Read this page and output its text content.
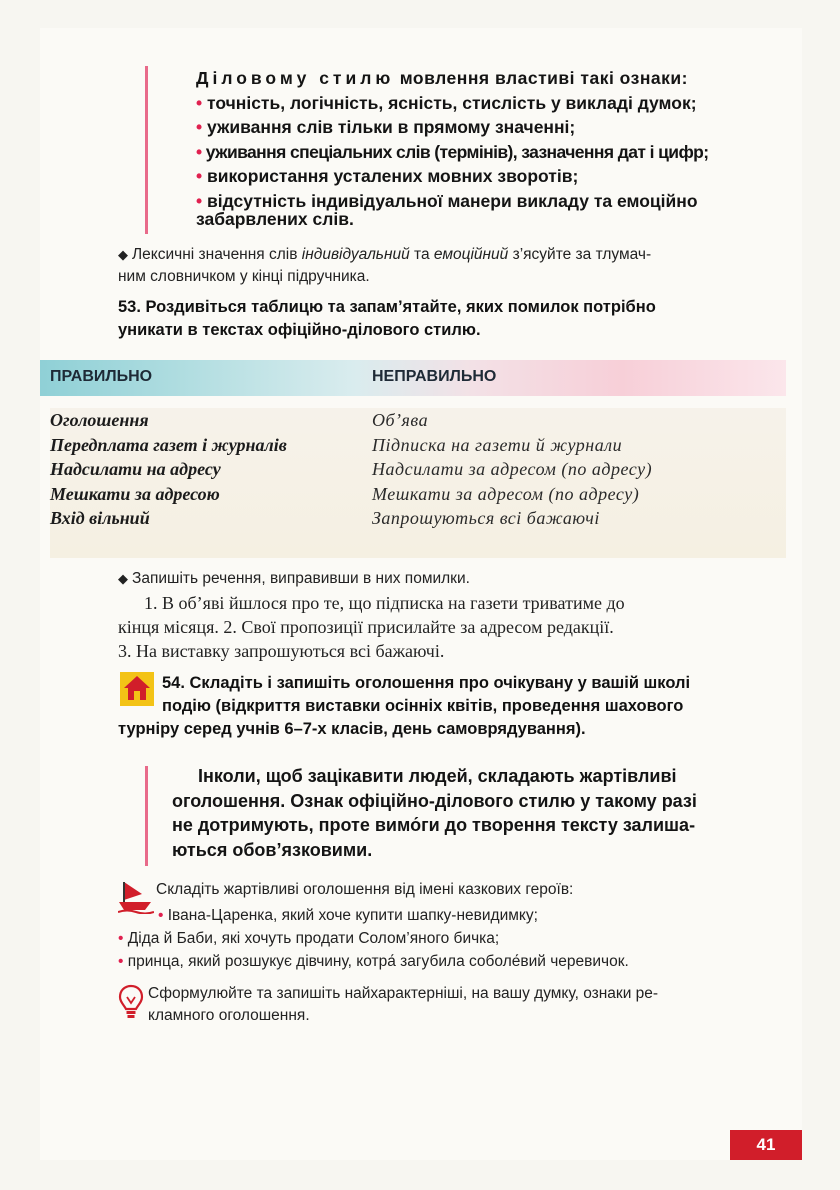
Діловому стилю мовлення властиві такі ознаки:
• точність, логічність, ясність, стислість у викладі думок;
• уживання слів тільки в прямому значенні;
• уживання спеціальних слів (термінів), зазначення дат і цифр;
• використання усталених мовних зворотів;
• відсутність індивідуальної манери викладу та емоційно
забарвлених слів.
◆ Лексичні значення слів індивідуальний та емоційний з’ясуйте за тлумач-
ним словничком у кінці підручника.
53. Роздивіться таблицю та запам’ятайте, яких помилок потрібно
уникати в текстах офіційно-ділового стилю.
ПРАВИЛЬНО	НЕПРАВИЛЬНО
Оголошення
Передплата газет і журналів
Надсилати на адресу
Мешкати за адресою
Вхід вільний
Об’ява
Підписка на газети й журнали
Надсилати за адресом (по адресу)
Мешкати за адресом (по адресу)
Запрошуються всі бажаючі
◆ Запишіть речення, виправивши в них помилки.
1. В об’яві йшлося про те, що підписка на газети триватиме до
кінця місяця. 2. Свої пропозиції присилайте за адресом редакції.
3. На виставку запрошуються всі бажаючі.
54. Складіть і запишіть оголошення про очікувану у вашій школі
подію (відкриття виставки осінніх квітів, проведення шахового
турніру серед учнів 6–7-х класів, день самоврядування).
Інколи, щоб зацікавити людей, складають жартівливі
оголошення. Ознак офіційно-ділового стилю у такому разі
не дотримують, проте вимо́ги до творення тексту залиша-
ються обов’язковими.
Складіть жартівливі оголошення від імені казкових героїв:
• Івана-Царенка, який хоче купити шапку-невидимку;
• Діда й Баби, які хочуть продати Солом’яного бичка;
• принца, який розшукує дівчину, котра́ загубила соболе́вий черевичок.
Сформулюйте та запишіть найхарактерніші, на вашу думку, ознаки ре-
кламного оголошення.
41
